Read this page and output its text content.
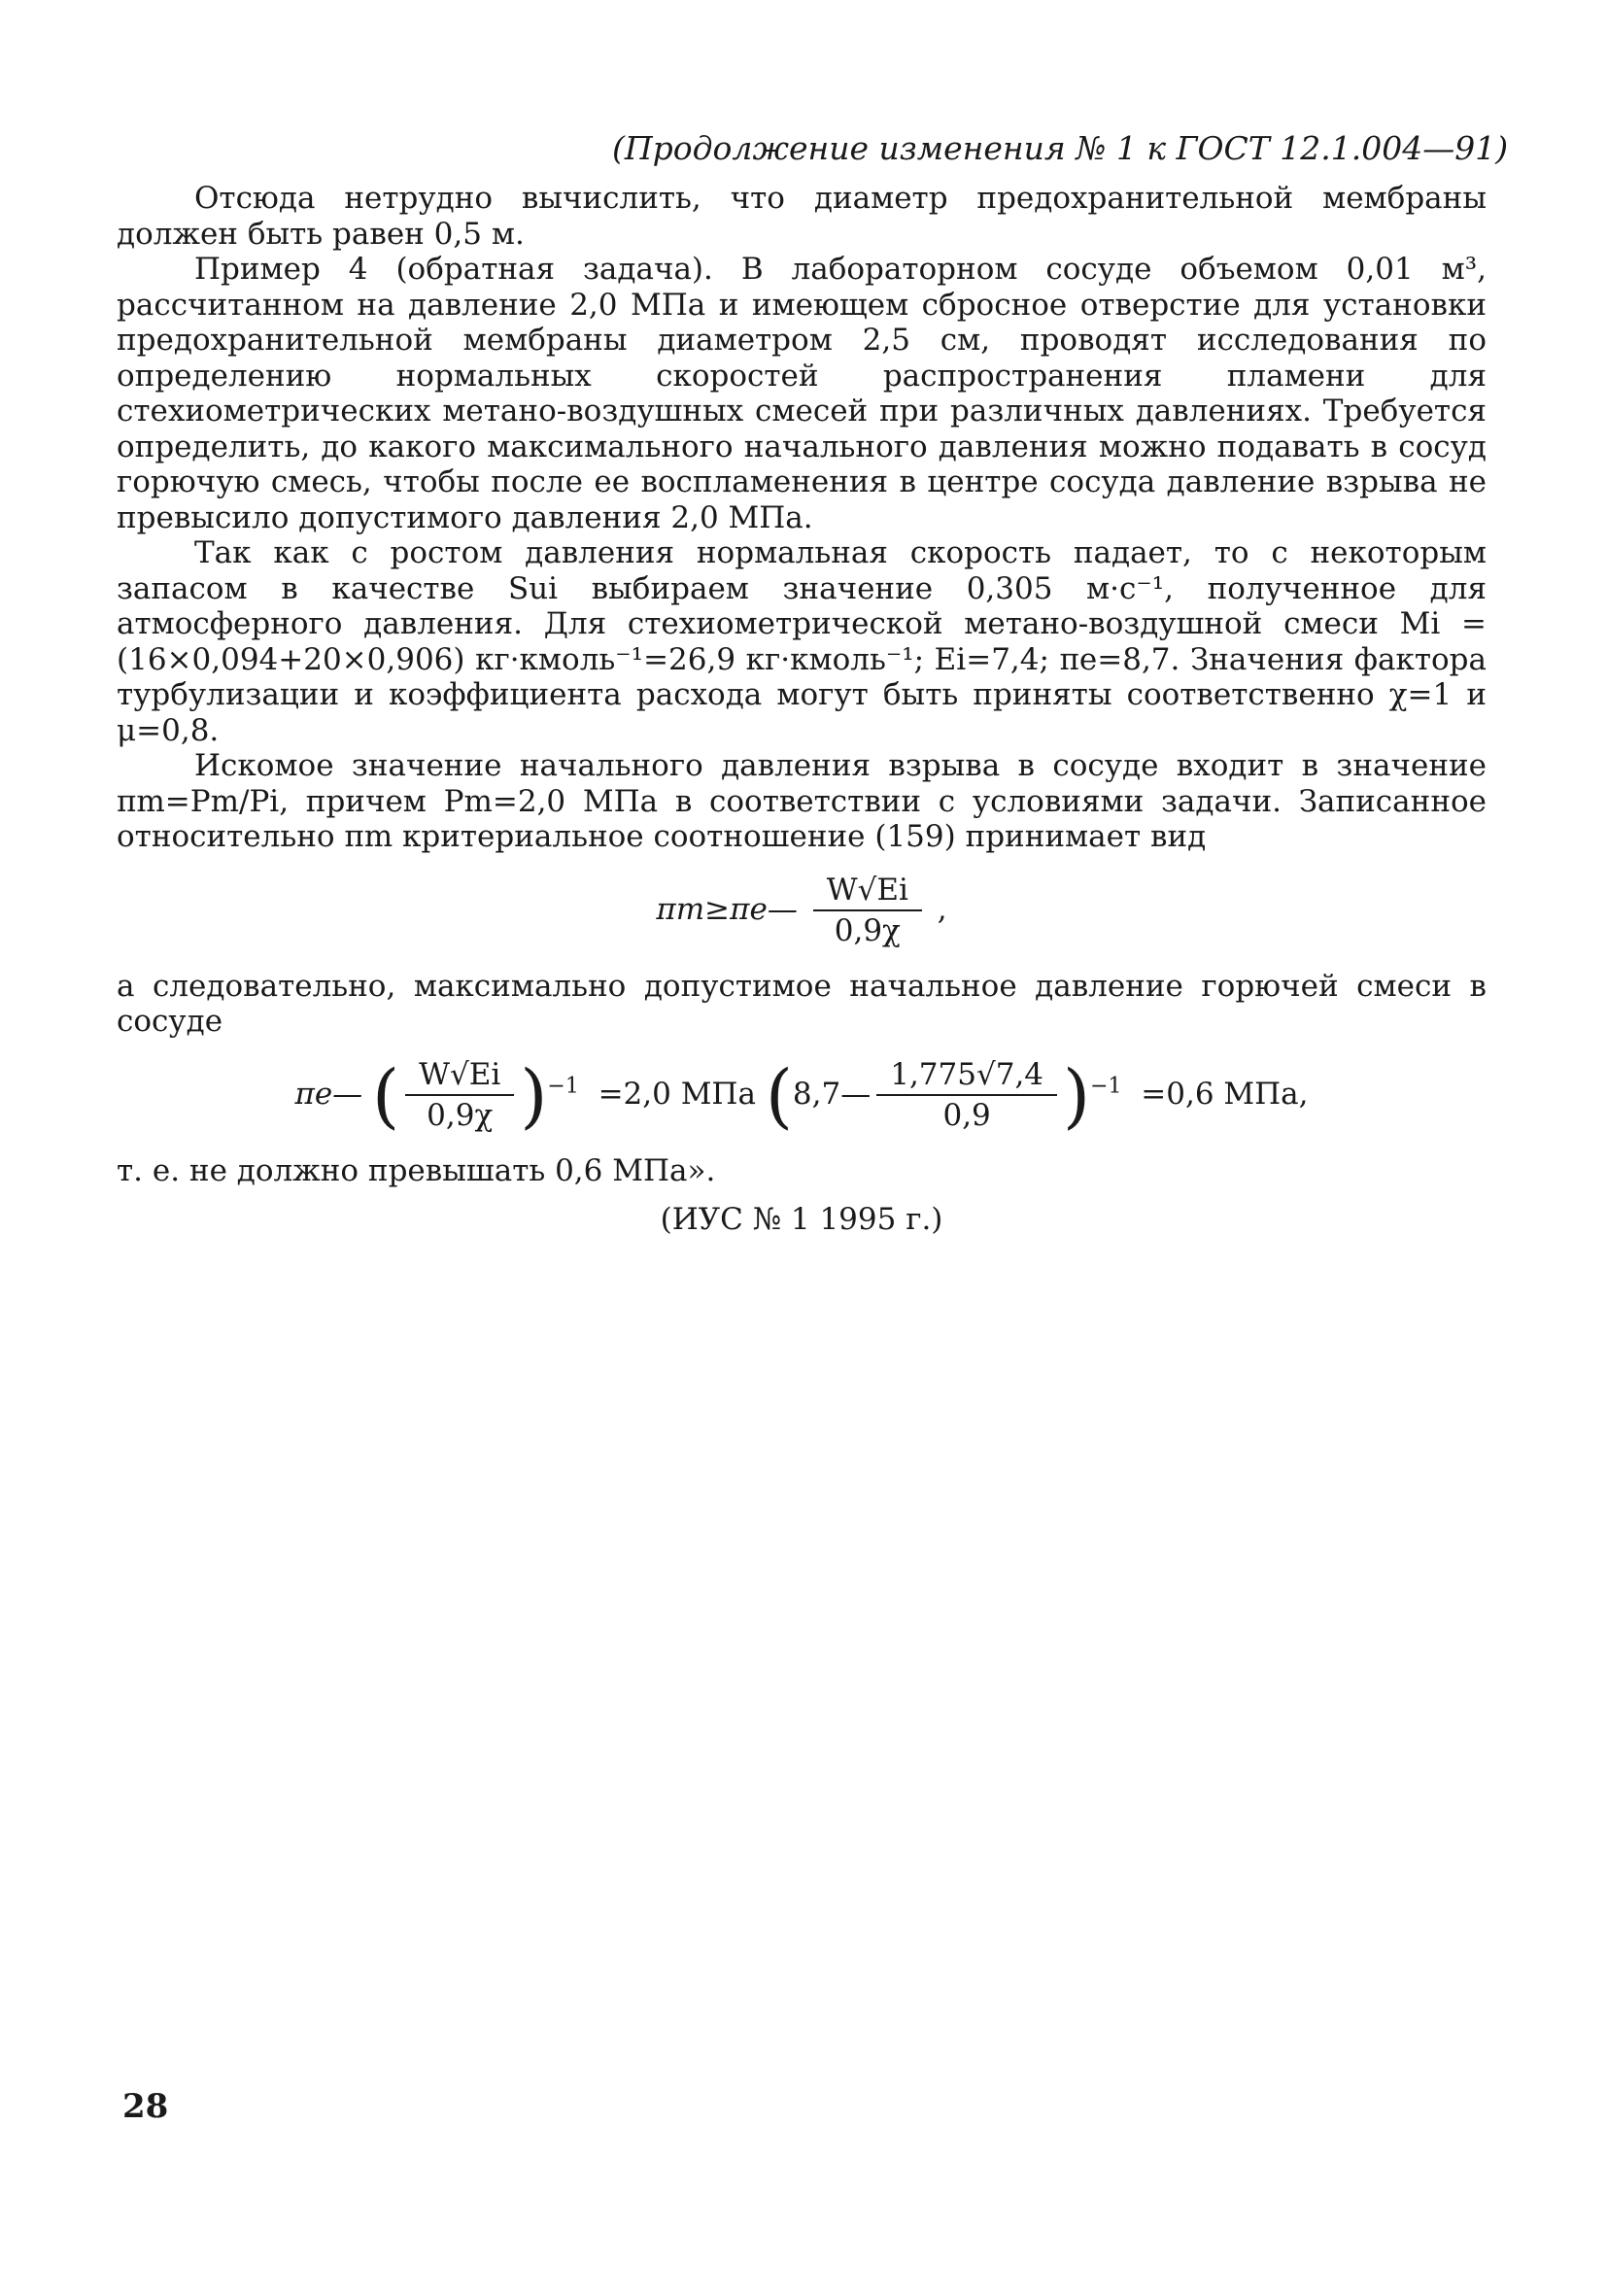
(Продолжение изменения № 1 к ГОСТ 12.1.004—91)

Отсюда нетрудно вычислить, что диаметр предохранительной мембраны должен быть равен 0,5 м.

Пример 4 (обратная задача). В лабораторном сосуде объемом 0,01 м³, рассчитанном на давление 2,0 МПа и имеющем сбросное отверстие для установки предохранительной мембраны диаметром 2,5 см, проводят исследования по определению нормальных скоростей распространения пламени для стехиометрических метано-воздушных смесей при различных давлениях. Требуется определить, до какого максимального начального давления можно подавать в сосуд горючую смесь, чтобы после ее воспламенения в центре сосуда давление взрыва не превысило допустимого давления 2,0 МПа.

Так как с ростом давления нормальная скорость падает, то с некоторым запасом в качестве Sui выбираем значение 0,305 м·с⁻¹, полученное для атмосферного давления. Для стехиометрической метано-воздушной смеси Mi = (16×0,094+20×0,906) кг·кмоль⁻¹=26,9 кг·кмоль⁻¹; Ei=7,4; πe=8,7. Значения фактора турбулизации и коэффициента расхода могут быть приняты соответственно χ=1 и μ=0,8.

Искомое значение начального давления взрыва в сосуде входит в значение πm=Pm/Pi, причем Pm=2,0 МПа в соответствии с условиями задачи. Записанное относительно πm критериальное соотношение (159) принимает вид

πm≥πe— $\frac{W√Ei}{0,9\chi}$ ,

а следовательно, максимально допустимое начальное давление горючей смеси в сосуде

πe— ( $\frac{W√Ei}{0,9\chi} )^{-1} =2,0$ МПа (8,7— $\frac{1,775√7,4}{0,9} )^{-1} =0,6$ МПа,

т. е. не должно превышать 0,6 МПа».

(ИУС № 1 1995 г.)
28
